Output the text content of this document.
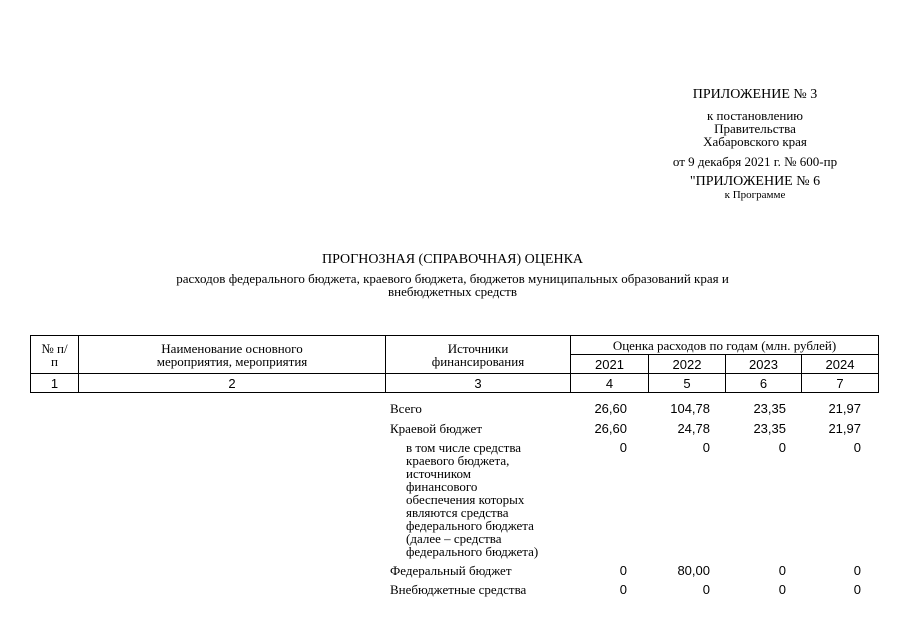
ПРИЛОЖЕНИЕ № 3
к постановлению
Правительства
Хабаровского края
от 9 декабря 2021 г. № 600-пр
"ПРИЛОЖЕНИЕ № 6
к Программе
ПРОГНОЗНАЯ (СПРАВОЧНАЯ) ОЦЕНКА
расходов федерального бюджета, краевого бюджета, бюджетов муниципальных образований края и
внебюджетных средств
№ п/п	Наименование основного мероприятия, мероприятия	Источники финансирования	Оценка расходов по годам (млн. рублей)			
			2021	2022	2023	2024
1	2	3	4	5	6	7
Всего	26,60	104,78	23,35	21,97
Краевой бюджет	26,60	24,78	23,35	21,97
в том числе средства
краевого бюджета,
источником
финансового
обеспечения которых
являются средства
федерального бюджета
(далее – средства
федерального бюджета)
0	0	0	0
Федеральный бюджет	0	80,00	0	0
Внебюджетные средства	0	0	0	0
